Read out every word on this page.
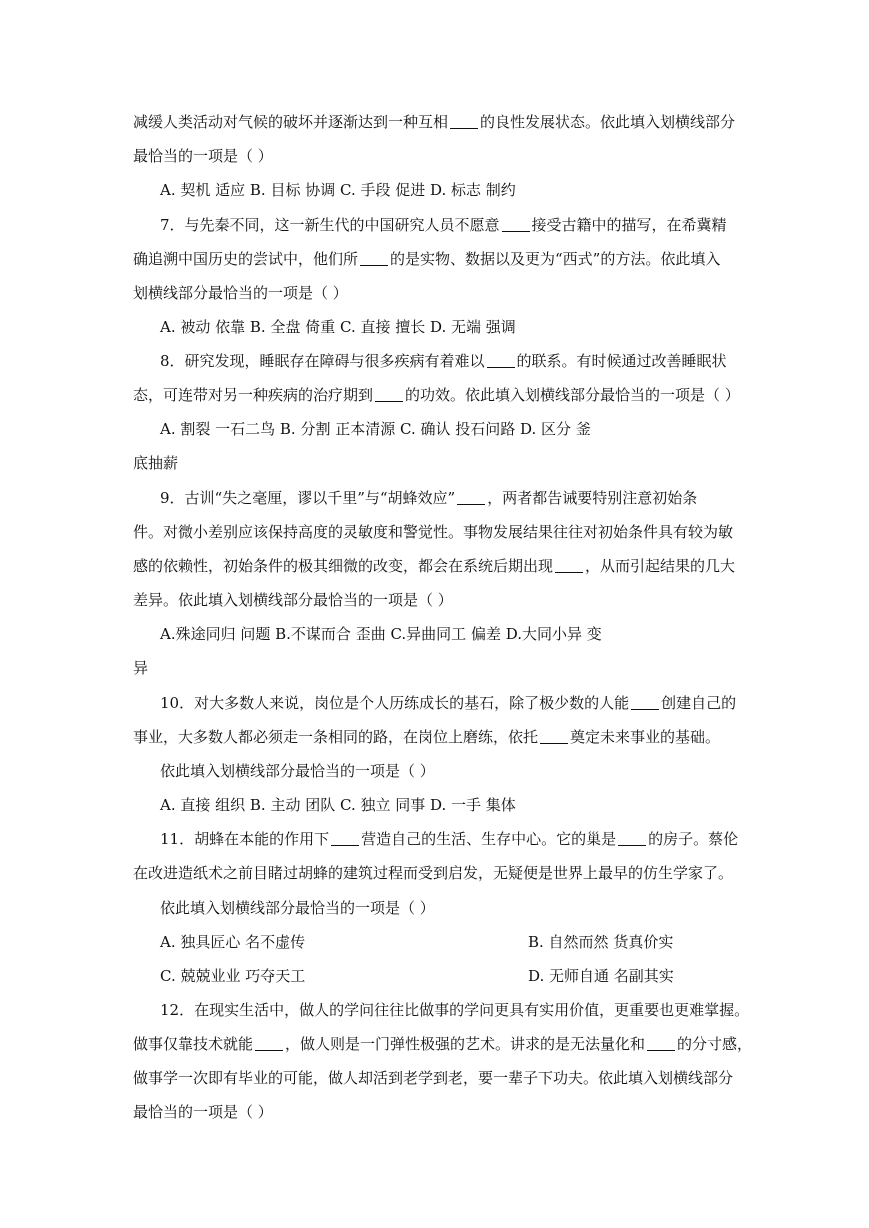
减缓人类活动对气候的破坏并逐渐达到一种互相 的良性发展状态。依此填入划横线部分
最恰当的一项是（ ）
A. 契机 适应 B. 目标 协调 C. 手段 促进 D. 标志 制约
7．与先秦不同，这一新生代的中国研究人员不愿意 接受古籍中的描写，在希冀精
确追溯中国历史的尝试中，他们所 的是实物、数据以及更为“西式”的方法。依此填入
划横线部分最恰当的一项是（ ）
A. 被动 依靠 B. 全盘 倚重 C. 直接 擅长 D. 无端 强调
8．研究发现，睡眠存在障碍与很多疾病有着难以 的联系。有时候通过改善睡眠状
态，可连带对另一种疾病的治疗期到 的功效。依此填入划横线部分最恰当的一项是（ ）
A. 割裂 一石二鸟 B. 分割 正本清源 C. 确认 投石问路 D. 区分 釜
底抽薪
9．古训“失之毫厘，谬以千里”与“胡蜂效应” ，两者都告诫要特别注意初始条
件。对微小差别应该保持高度的灵敏度和警觉性。事物发展结果往往对初始条件具有较为敏
感的依赖性，初始条件的极其细微的改变，都会在系统后期出现 ，从而引起结果的几大
差异。依此填入划横线部分最恰当的一项是（ ）
A.殊途同归 问题 B.不谋而合 歪曲 C.异曲同工 偏差 D.大同小异 变
异
10．对大多数人来说，岗位是个人历练成长的基石，除了极少数的人能 创建自己的
事业，大多数人都必须走一条相同的路，在岗位上磨练，依托 奠定未来事业的基础。
依此填入划横线部分最恰当的一项是（ ）
A. 直接 组织 B. 主动 团队 C. 独立 同事 D. 一手 集体
11．胡蜂在本能的作用下 营造自己的生活、生存中心。它的巢是 的房子。蔡伦
在改进造纸术之前目睹过胡蜂的建筑过程而受到启发，无疑便是世界上最早的仿生学家了。
依此填入划横线部分最恰当的一项是（ ）
A. 独具匠心 名不虚传	B. 自然而然 货真价实
C. 兢兢业业 巧夺天工	D. 无师自通 名副其实
12．在现实生活中，做人的学问往往比做事的学问更具有实用价值，更重要也更难掌握。
做事仅靠技术就能 ，做人则是一门弹性极强的艺术。讲求的是无法量化和 的分寸感，
做事学一次即有毕业的可能，做人却活到老学到老，要一辈子下功夫。依此填入划横线部分
最恰当的一项是（ ）
